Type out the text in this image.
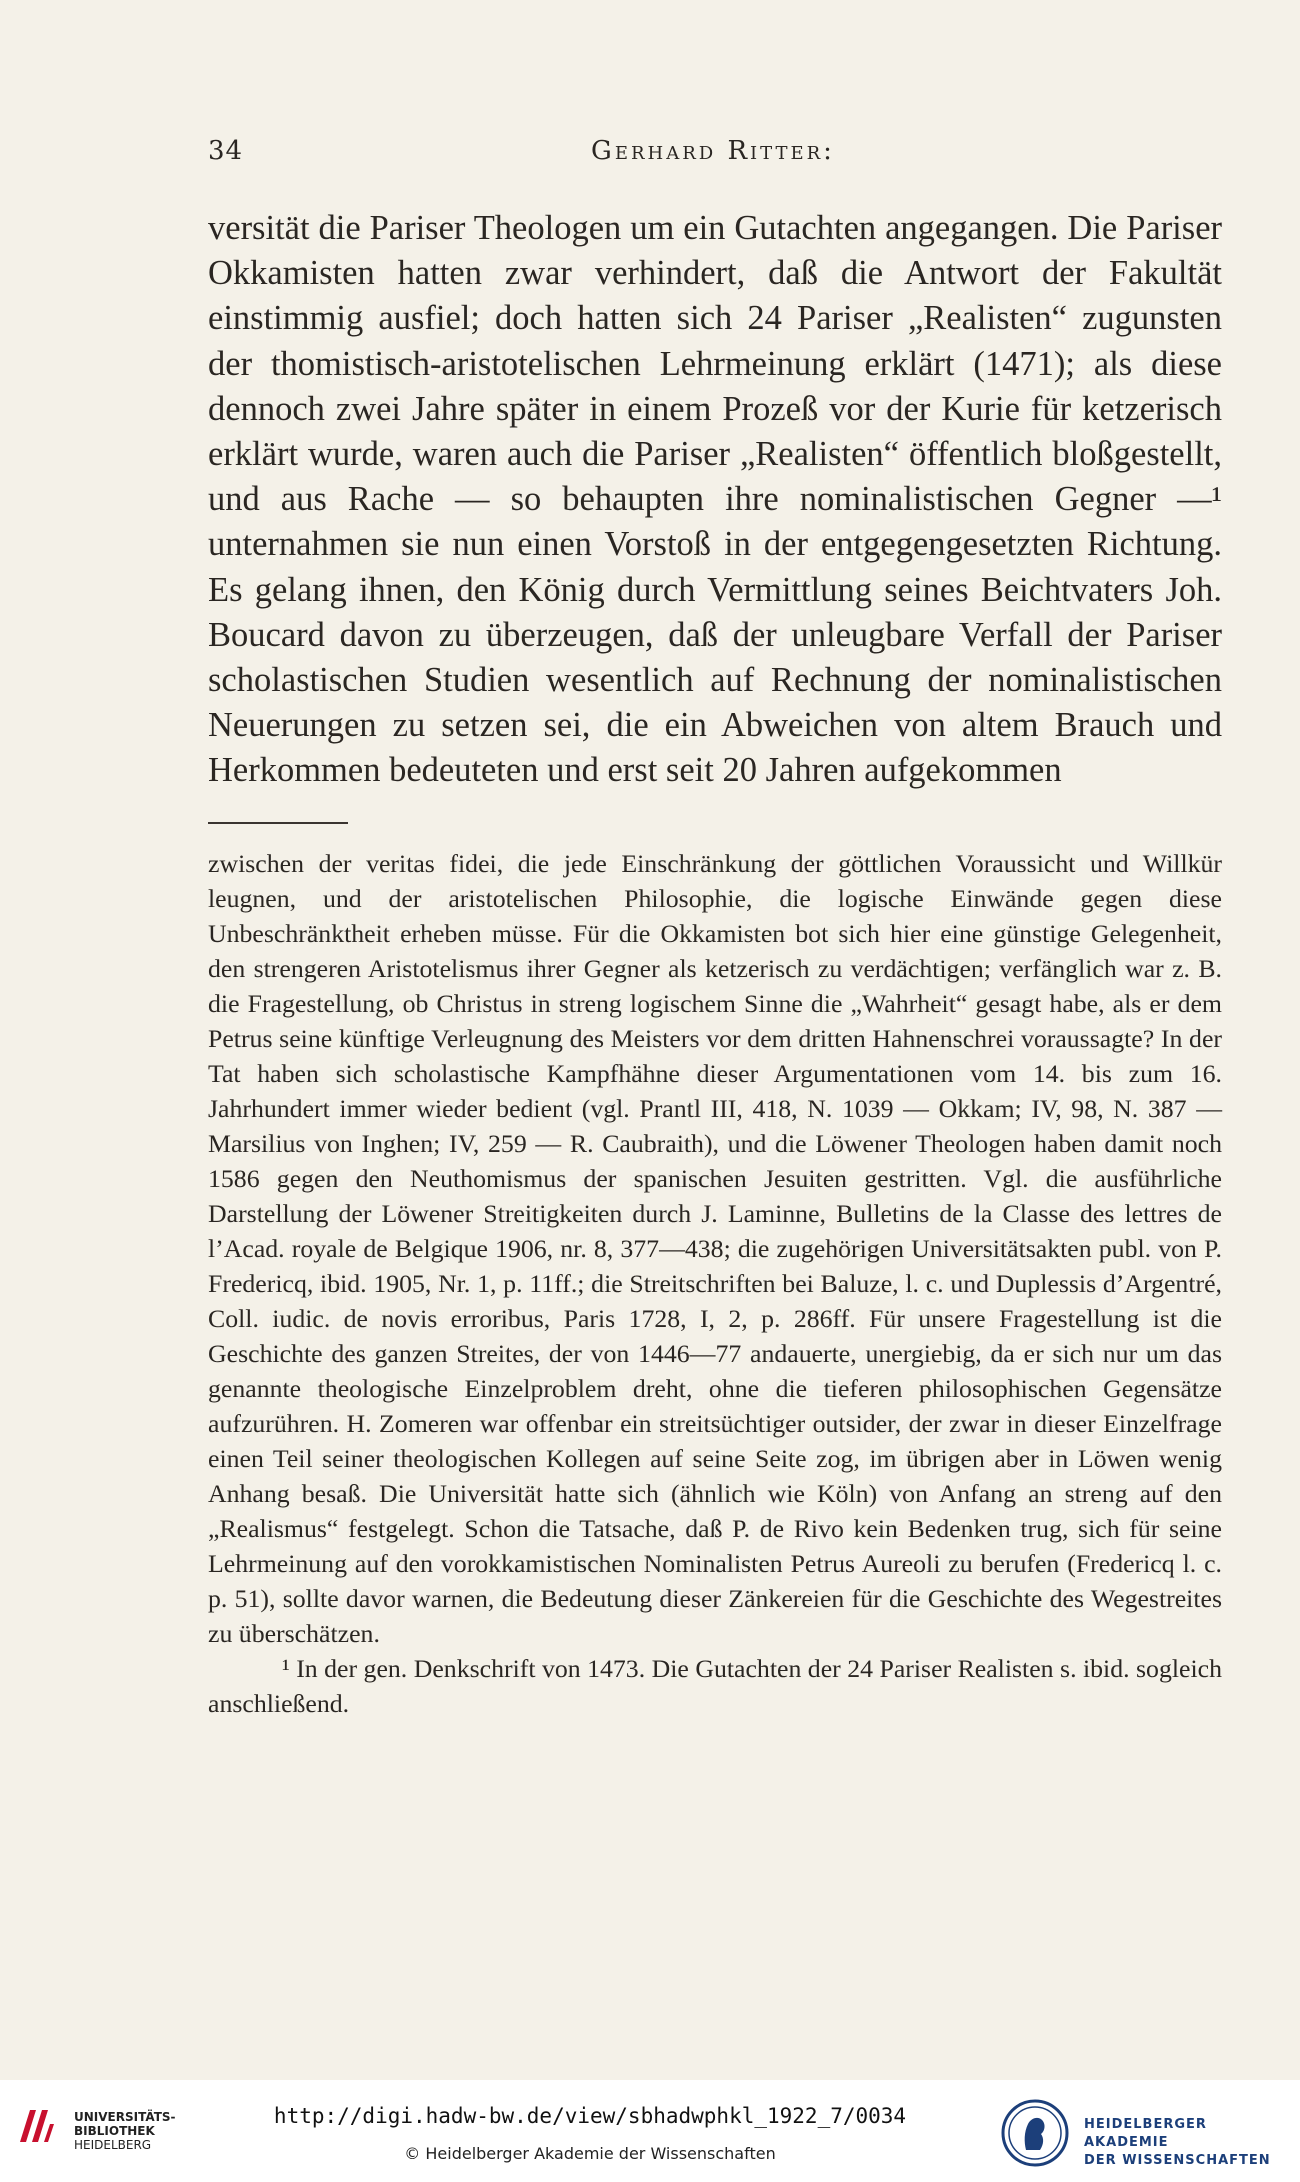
34	Gerhard Ritter:

versität die Pariser Theologen um ein Gutachten angegangen. Die Pariser Okkamisten hatten zwar verhindert, daß die Antwort der Fakultät einstimmig ausfiel; doch hatten sich 24 Pariser „Realisten“ zugunsten der thomistisch-aristotelischen Lehrmeinung erklärt (1471); als diese dennoch zwei Jahre später in einem Prozeß vor der Kurie für ketzerisch erklärt wurde, waren auch die Pariser „Realisten“ öffentlich bloßgestellt, und aus Rache — so behaupten ihre nominalistischen Gegner —¹ unternahmen sie nun einen Vorstoß in der entgegengesetzten Richtung. Es gelang ihnen, den König durch Vermittlung seines Beichtvaters Joh. Boucard davon zu überzeugen, daß der unleugbare Verfall der Pariser scholastischen Studien wesentlich auf Rechnung der nominalistischen Neuerungen zu setzen sei, die ein Abweichen von altem Brauch und Herkommen bedeuteten und erst seit 20 Jahren aufgekommen

zwischen der veritas fidei, die jede Einschränkung der göttlichen Voraussicht und Willkür leugnen, und der aristotelischen Philosophie, die logische Einwände gegen diese Unbeschränktheit erheben müsse. Für die Okkamisten bot sich hier eine günstige Gelegenheit, den strengeren Aristotelismus ihrer Gegner als ketzerisch zu verdächtigen; verfänglich war z. B. die Fragestellung, ob Christus in streng logischem Sinne die „Wahrheit“ gesagt habe, als er dem Petrus seine künftige Verleugnung des Meisters vor dem dritten Hahnenschrei voraussagte? In der Tat haben sich scholastische Kampfhähne dieser Argumentationen vom 14. bis zum 16. Jahrhundert immer wieder bedient (vgl. Prantl III, 418, N. 1039 — Okkam; IV, 98, N. 387 — Marsilius von Inghen; IV, 259 — R. Caubraith), und die Löwener Theologen haben damit noch 1586 gegen den Neuthomismus der spanischen Jesuiten gestritten. Vgl. die ausführliche Darstellung der Löwener Streitigkeiten durch J. Laminne, Bulletins de la Classe des lettres de l’Acad. royale de Belgique 1906, nr. 8, 377—438; die zugehörigen Universitätsakten publ. von P. Fredericq, ibid. 1905, Nr. 1, p. 11ff.; die Streitschriften bei Baluze, l. c. und Duplessis d’Argentré, Coll. iudic. de novis erroribus, Paris 1728, I, 2, p. 286ff. Für unsere Fragestellung ist die Geschichte des ganzen Streites, der von 1446—77 andauerte, unergiebig, da er sich nur um das genannte theologische Einzelproblem dreht, ohne die tieferen philosophischen Gegensätze aufzurühren. H. Zomeren war offenbar ein streitsüchtiger outsider, der zwar in dieser Einzelfrage einen Teil seiner theologischen Kollegen auf seine Seite zog, im übrigen aber in Löwen wenig Anhang besaß. Die Universität hatte sich (ähnlich wie Köln) von Anfang an streng auf den „Realismus“ festgelegt. Schon die Tatsache, daß P. de Rivo kein Bedenken trug, sich für seine Lehrmeinung auf den vorokkamistischen Nominalisten Petrus Aureoli zu berufen (Fredericq l. c. p. 51), sollte davor warnen, die Bedeutung dieser Zänkereien für die Geschichte des Wegestreites zu überschätzen.

¹ In der gen. Denkschrift von 1473. Die Gutachten der 24 Pariser Realisten s. ibid. sogleich anschließend.

UNIVERSITÄTS-
BIBLIOTHEK
HEIDELBERG
http://digi.hadw-bw.de/view/sbhadwphkl_1922_7/0034
© Heidelberger Akademie der Wissenschaften
HEIDELBERGER AKADEMIE
DER WISSENSCHAFTEN
